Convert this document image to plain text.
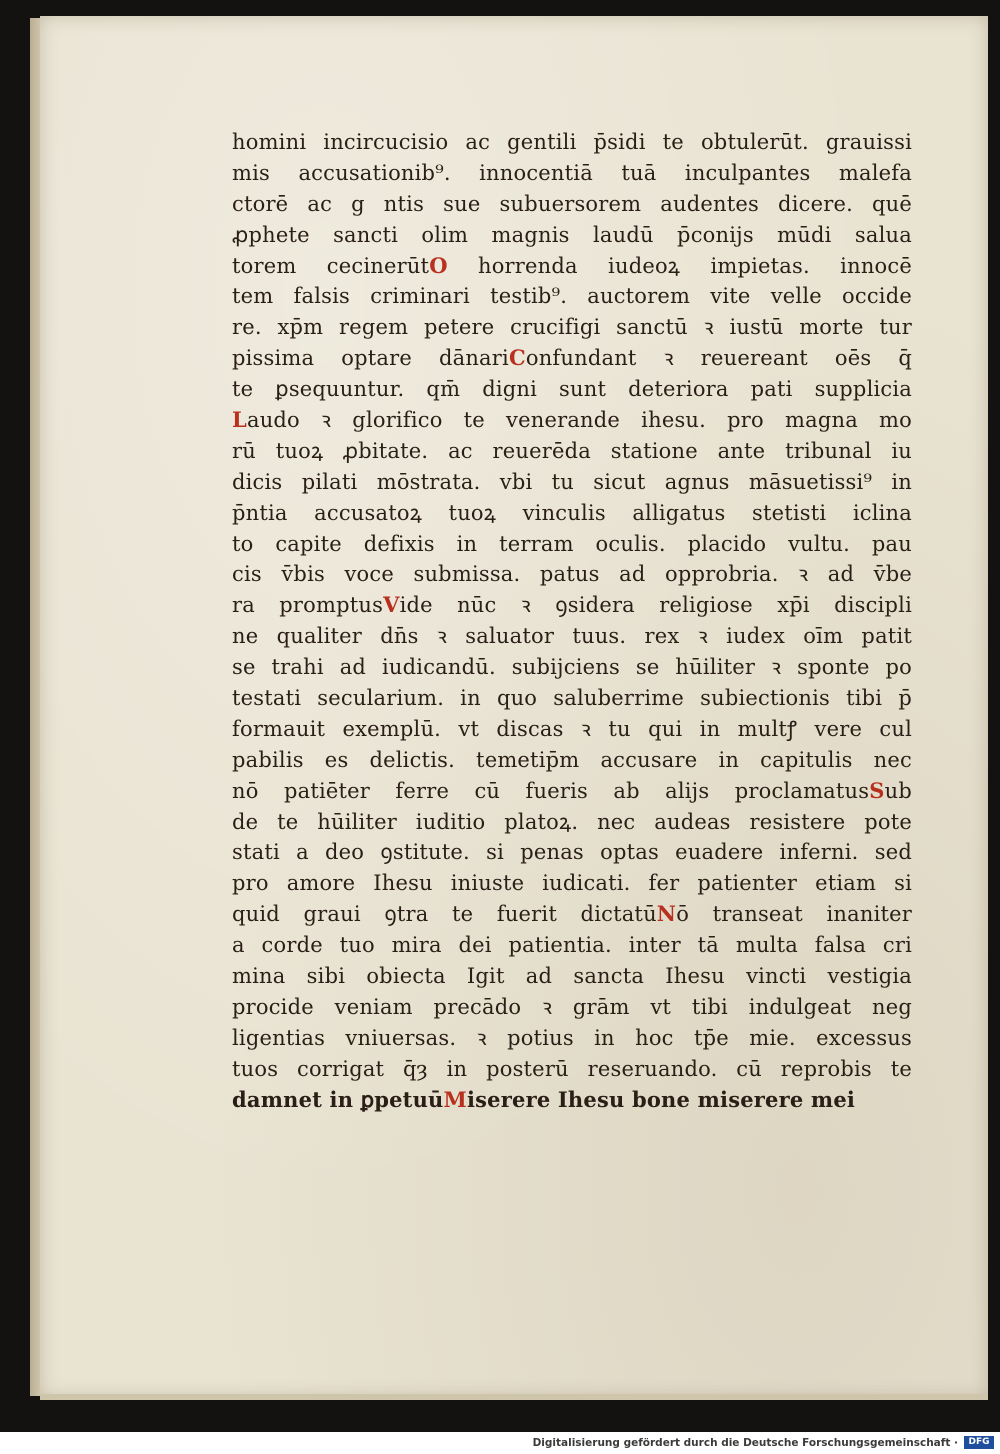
homini incircucisio ac gentili p̄sidi te obtulerūt. grauissi
mis accusationib⁹. innocentiā tuā inculpantes malefa
ctorē ac g ntis sue subuersorem audentes dicere. quē
ꝓphete sancti olim magnis laudū p̄conijs mūdi salua
torem cecinerūtO horrenda iudeoꝝ impietas. innocē
tem falsis criminari testib⁹. auctorem vite velle occide
re. xp̄m regem petere crucifigi sanctū ꝛ iustū morte tur
pissima optare dānariConfundant ꝛ reuereant oēs q̄
te ꝑsequuntur. qm̄ digni sunt deteriora pati supplicia
Laudo ꝛ glorifico te venerande ihesu. pro magna mo
rū tuoꝝ ꝓbitate. ac reuerēda statione ante tribunal iu
dicis pilati mōstrata. vbi tu sicut agnus māsuetissi⁹ in
p̄ntia accusatoꝝ tuoꝝ vinculis alligatus stetisti iclina
to capite defixis in terram oculis. placido vultu. pau
cis v̄bis voce submissa. patus ad opprobria. ꝛ ad v̄be
ra promptusVide nūc ꝛ ꝯsidera religiose xp̄i discipli
ne qualiter dn̄s ꝛ saluator tuus. rex ꝛ iudex oīm patit
se trahi ad iudicandū. subijciens se hūiliter ꝛ sponte po
testati secularium. in quo saluberrime subiectionis tibi p̄
formauit exemplū. vt discas ꝛ tu qui in multꝭ vere cul
pabilis es delictis. temetip̄m accusare in capitulis nec
nō patiēter ferre cū fueris ab alijs proclamatusSub
de te hūiliter iuditio platoꝝ. nec audeas resistere pote
stati a deo ꝯstitute. si penas optas euadere inferni. sed
pro amore Ihesu iniuste iudicati. fer patienter etiam si
quid graui ꝯtra te fuerit dictatūNō transeat inaniter
a corde tuo mira dei patientia. inter tā multa falsa cri
mina sibi obiecta Igit ad sancta Ihesu vincti vestigia
procide veniam precādo ꝛ grām vt tibi indulgeat neg
ligentias vniuersas. ꝛ potius in hoc tp̄e mie. excessus
tuos corrigat q̄ȝ in posterū reseruando. cū reprobis te
damnet in ꝑpetuūMiserere Ihesu bone miserere mei
Digitalisierung gefördert durch die Deutsche Forschungsgemeinschaft ·	DFG
